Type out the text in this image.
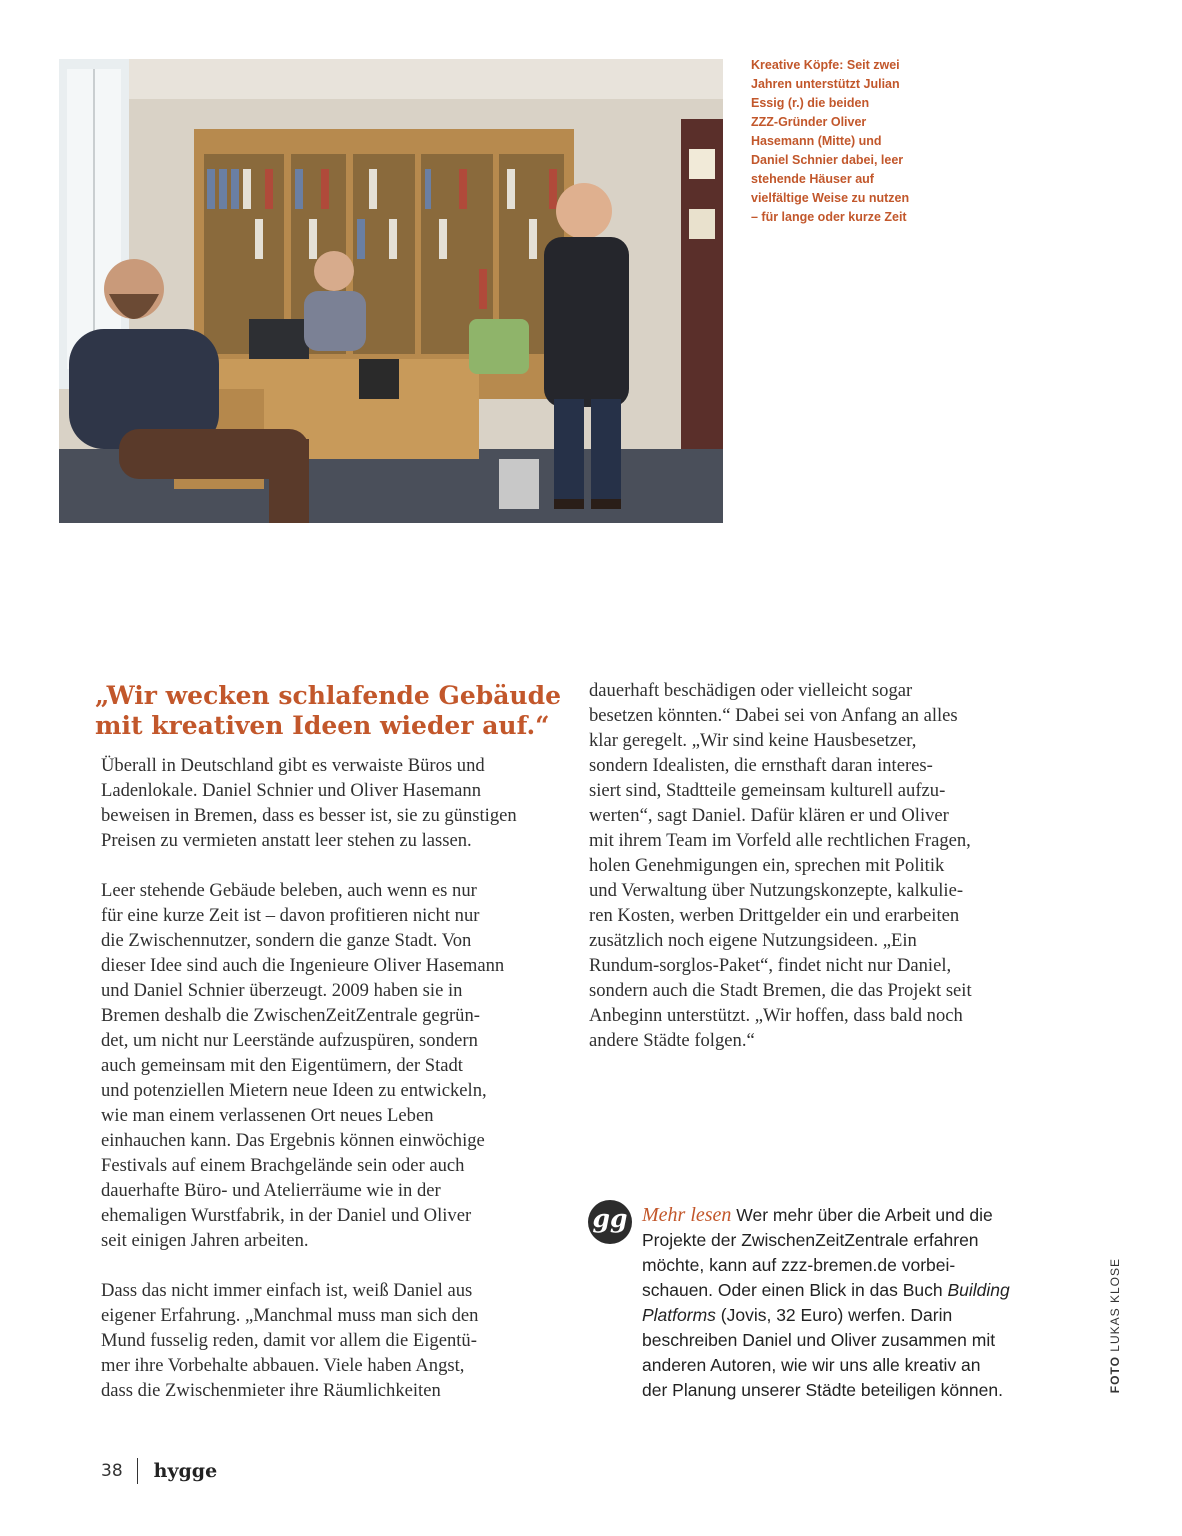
Kreative Köpfe: Seit zwei
Jahren unterstützt Julian
Essig (r.) die beiden
ZZZ-Gründer Oliver
Hasemann (Mitte) und
Daniel Schnier dabei, leer
stehende Häuser auf
vielfältige Weise zu nutzen
– für lange oder kurze Zeit
„Wir wecken schlafende Gebäude
mit kreativen Ideen wieder auf.“
Überall in Deutschland gibt es verwaiste Büros und
Ladenlokale. Daniel Schnier und Oliver Hasemann
beweisen in Bremen, dass es besser ist, sie zu günstigen
Preisen zu vermieten anstatt leer stehen zu lassen.
Leer stehende Gebäude beleben, auch wenn es nur
für eine kurze Zeit ist – davon profitieren nicht nur
die Zwischennutzer, sondern die ganze Stadt. Von
dieser Idee sind auch die Ingenieure Oliver Hasemann
und Daniel Schnier überzeugt. 2009 haben sie in
Bremen deshalb die ZwischenZeitZentrale gegrün-
det, um nicht nur Leerstände aufzuspüren, sondern
auch gemeinsam mit den Eigentümern, der Stadt
und potenziellen Mietern neue Ideen zu entwickeln,
wie man einem verlassenen Ort neues Leben
einhauchen kann. Das Ergebnis können einwöchige
Festivals auf einem Brachgelände sein oder auch
dauerhafte Büro- und Atelierräume wie in der
ehemaligen Wurstfabrik, in der Daniel und Oliver
seit einigen Jahren arbeiten.
Dass das nicht immer einfach ist, weiß Daniel aus
eigener Erfahrung. „Manchmal muss man sich den
Mund fusselig reden, damit vor allem die Eigentü-
mer ihre Vorbehalte abbauen. Viele haben Angst,
dass die Zwischenmieter ihre Räumlichkeiten
dauerhaft beschädigen oder vielleicht sogar
besetzen könnten.“ Dabei sei von Anfang an alles
klar geregelt. „Wir sind keine Hausbesetzer,
sondern Idealisten, die ernsthaft daran interes-
siert sind, Stadtteile gemeinsam kulturell aufzu-
werten“, sagt Daniel. Dafür klären er und Oliver
mit ihrem Team im Vorfeld alle rechtlichen Fragen,
holen Genehmigungen ein, sprechen mit Politik
und Verwaltung über Nutzungskonzepte, kalkulie-
ren Kosten, werben Drittgelder ein und erarbeiten
zusätzlich noch eigene Nutzungsideen. „Ein
Rundum-sorglos-Paket“, findet nicht nur Daniel,
sondern auch die Stadt Bremen, die das Projekt seit
Anbeginn unterstützt. „Wir hoffen, dass bald noch
andere Städte folgen.“
gg Mehr lesen Wer mehr über die Arbeit und die
Projekte der ZwischenZeitZentrale erfahren
möchte, kann auf zzz-bremen.de vorbei-
schauen. Oder einen Blick in das Buch Building
Platforms (Jovis, 32 Euro) werfen. Darin
beschreiben Daniel und Oliver zusammen mit
anderen Autoren, wie wir uns alle kreativ an
der Planung unserer Städte beteiligen können.	FOTO LUKAS KLOSE
38 hygge
